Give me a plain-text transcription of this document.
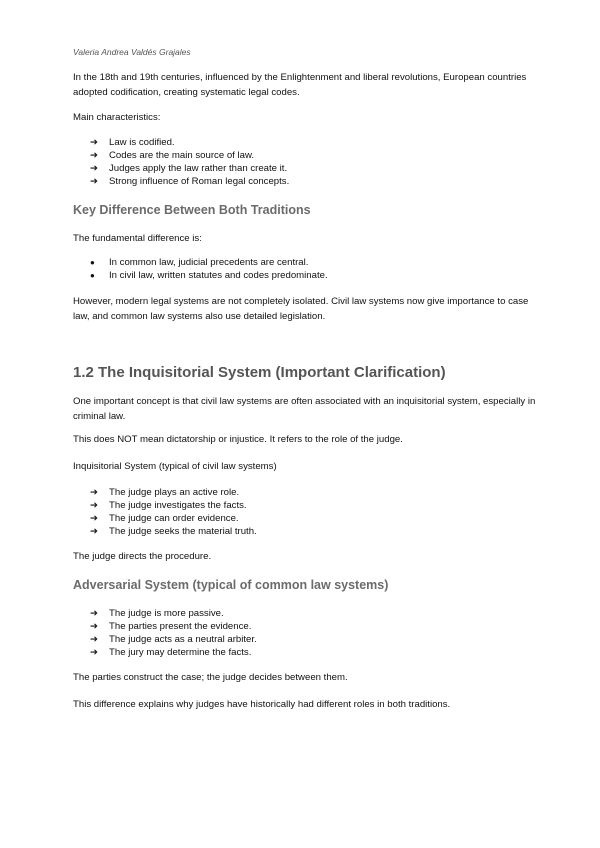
Valeria Andrea Valdés Grajales

In the 18th and 19th centuries, influenced by the Enlightenment and liberal revolutions, European countries adopted codification, creating systematic legal codes.

Main characteristics:

➔	Law is codified.
➔	Codes are the main source of law.
➔	Judges apply the law rather than create it.
➔	Strong influence of Roman legal concepts.
Key Difference Between Both Traditions

The fundamental difference is:

●	In common law, judicial precedents are central.
●	In civil law, written statutes and codes predominate.

However, modern legal systems are not completely isolated. Civil law systems now give importance to case law, and common law systems also use detailed legislation.

1.2 The Inquisitorial System (Important Clarification)

One important concept is that civil law systems are often associated with an inquisitorial system, especially in criminal law.

This does NOT mean dictatorship or injustice. It refers to the role of the judge.

Inquisitorial System (typical of civil law systems)

➔	The judge plays an active role.
➔	The judge investigates the facts.
➔	The judge can order evidence.
➔	The judge seeks the material truth.

The judge directs the procedure.

Adversarial System (typical of common law systems)
➔	The judge is more passive.
➔	The parties present the evidence.
➔	The judge acts as a neutral arbiter.
➔	The jury may determine the facts.

The parties construct the case; the judge decides between them.

This difference explains why judges have historically had different roles in both traditions.
